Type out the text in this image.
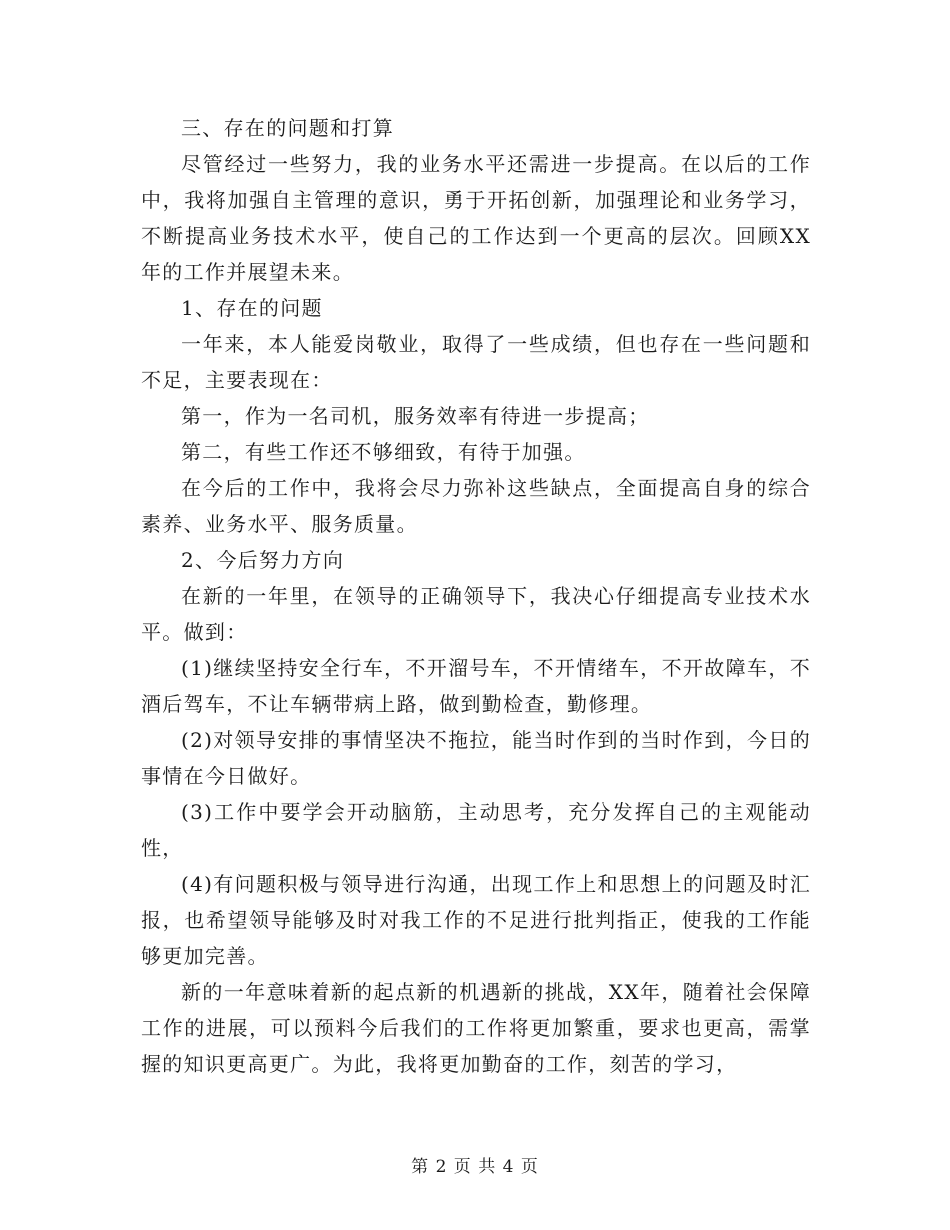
三、存在的问题和打算

尽管经过一些努力，我的业务水平还需进一步提高。在以后的工作中，我将加强自主管理的意识，勇于开拓创新，加强理论和业务学习，不断提高业务技术水平，使自己的工作达到一个更高的层次。回顾XX年的工作并展望未来。

1、存在的问题

一年来，本人能爱岗敬业，取得了一些成绩，但也存在一些问题和不足，主要表现在：

第一，作为一名司机，服务效率有待进一步提高；

第二，有些工作还不够细致，有待于加强。

在今后的工作中，我将会尽力弥补这些缺点，全面提高自身的综合素养、业务水平、服务质量。

2、今后努力方向

在新的一年里，在领导的正确领导下，我决心仔细提高专业技术水平。做到：

(1)继续坚持安全行车，不开溜号车，不开情绪车，不开故障车，不酒后驾车，不让车辆带病上路，做到勤检查，勤修理。

(2)对领导安排的事情坚决不拖拉，能当时作到的当时作到，今日的事情在今日做好。

(3)工作中要学会开动脑筋，主动思考，充分发挥自己的主观能动性，

(4)有问题积极与领导进行沟通，出现工作上和思想上的问题及时汇报，也希望领导能够及时对我工作的不足进行批判指正，使我的工作能够更加完善。

新的一年意味着新的起点新的机遇新的挑战，XX年，随着社会保障工作的进展，可以预料今后我们的工作将更加繁重，要求也更高，需掌握的知识更高更广。为此，我将更加勤奋的工作，刻苦的学习，

第 2 页 共 4 页
